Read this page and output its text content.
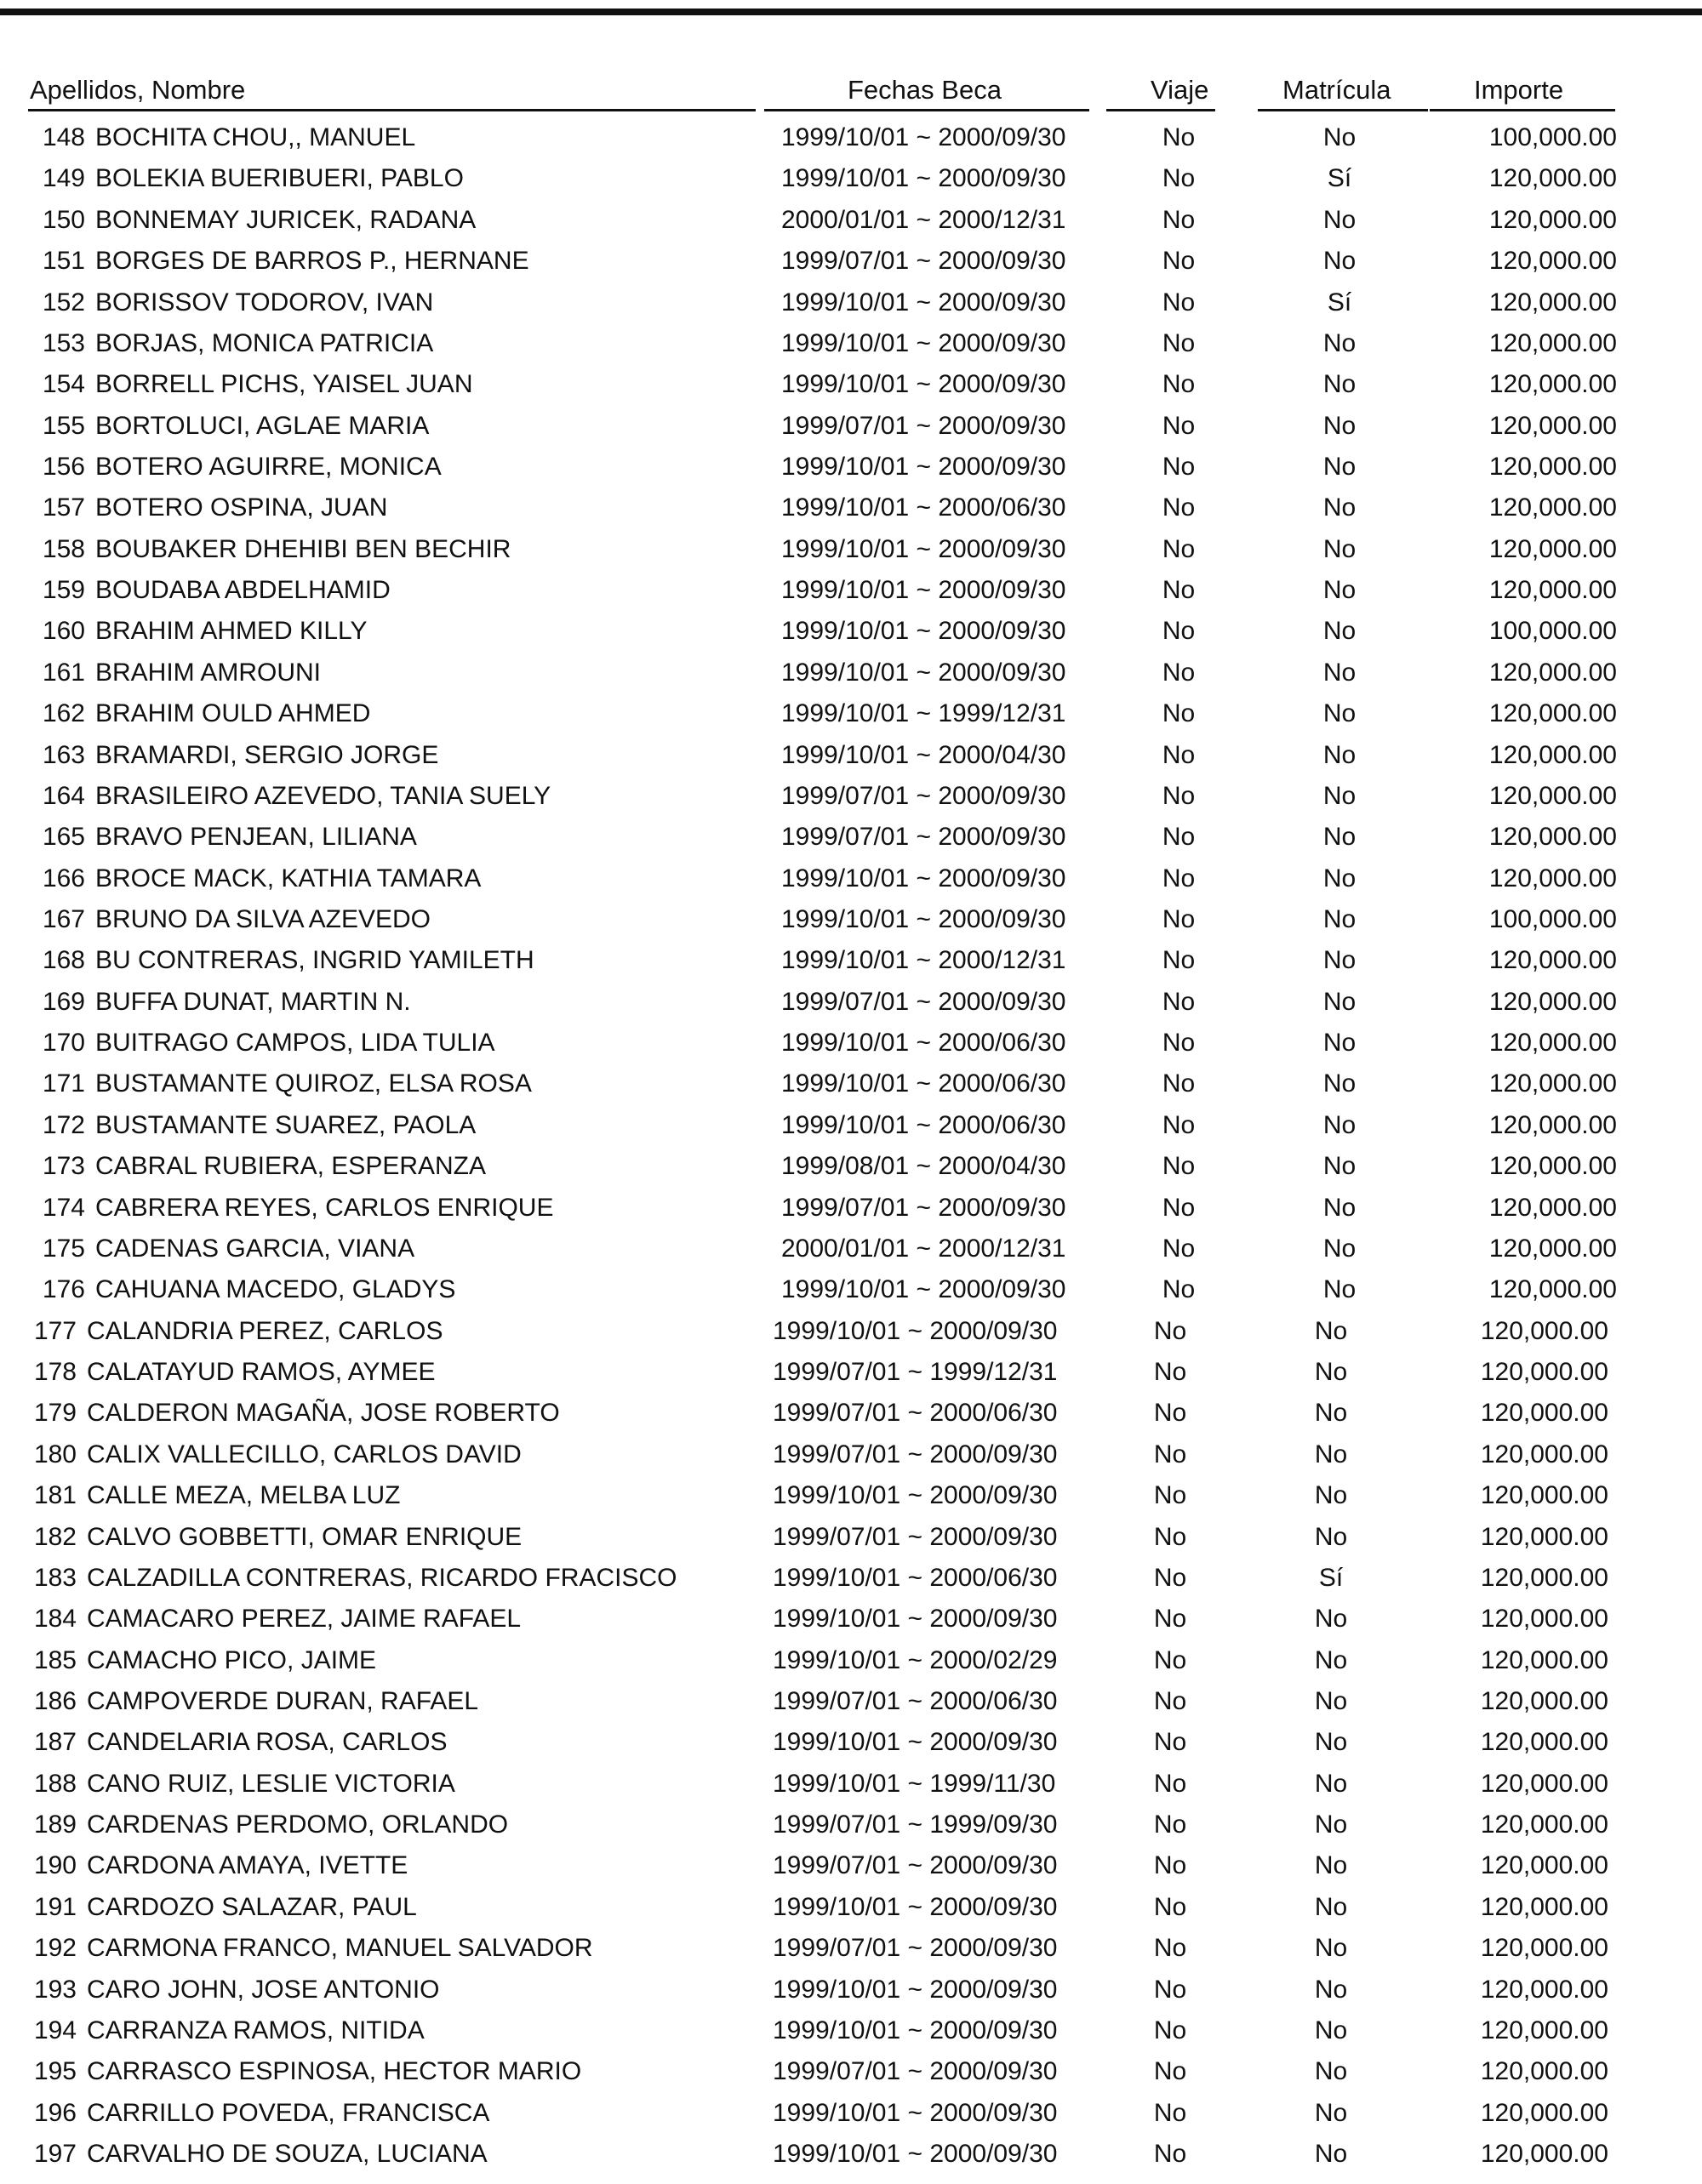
Apellidos, Nombre	Fechas Beca	Viaje	Matrícula	Importe
148 BOCHITA CHOU,, MANUEL	1999/10/01 ~ 2000/09/30	No	No	100,000.00
149 BOLEKIA BUERIBUERI, PABLO	1999/10/01 ~ 2000/09/30	No	Sí	120,000.00
150 BONNEMAY JURICEK, RADANA	2000/01/01 ~ 2000/12/31	No	No	120,000.00
151 BORGES DE BARROS P., HERNANE	1999/07/01 ~ 2000/09/30	No	No	120,000.00
152 BORISSOV TODOROV, IVAN	1999/10/01 ~ 2000/09/30	No	Sí	120,000.00
153 BORJAS, MONICA PATRICIA	1999/10/01 ~ 2000/09/30	No	No	120,000.00
154 BORRELL PICHS, YAISEL JUAN	1999/10/01 ~ 2000/09/30	No	No	120,000.00
155 BORTOLUCI, AGLAE MARIA	1999/07/01 ~ 2000/09/30	No	No	120,000.00
156 BOTERO AGUIRRE, MONICA	1999/10/01 ~ 2000/09/30	No	No	120,000.00
157 BOTERO OSPINA, JUAN	1999/10/01 ~ 2000/06/30	No	No	120,000.00
158 BOUBAKER DHEHIBI BEN BECHIR	1999/10/01 ~ 2000/09/30	No	No	120,000.00
159 BOUDABA ABDELHAMID	1999/10/01 ~ 2000/09/30	No	No	120,000.00
160 BRAHIM AHMED KILLY	1999/10/01 ~ 2000/09/30	No	No	100,000.00
161 BRAHIM AMROUNI	1999/10/01 ~ 2000/09/30	No	No	120,000.00
162 BRAHIM OULD AHMED	1999/10/01 ~ 1999/12/31	No	No	120,000.00
163 BRAMARDI, SERGIO JORGE	1999/10/01 ~ 2000/04/30	No	No	120,000.00
164 BRASILEIRO AZEVEDO, TANIA SUELY	1999/07/01 ~ 2000/09/30	No	No	120,000.00
165 BRAVO PENJEAN, LILIANA	1999/07/01 ~ 2000/09/30	No	No	120,000.00
166 BROCE MACK, KATHIA TAMARA	1999/10/01 ~ 2000/09/30	No	No	120,000.00
167 BRUNO DA SILVA AZEVEDO	1999/10/01 ~ 2000/09/30	No	No	100,000.00
168 BU CONTRERAS, INGRID YAMILETH	1999/10/01 ~ 2000/12/31	No	No	120,000.00
169 BUFFA DUNAT, MARTIN N.	1999/07/01 ~ 2000/09/30	No	No	120,000.00
170 BUITRAGO CAMPOS, LIDA TULIA	1999/10/01 ~ 2000/06/30	No	No	120,000.00
171 BUSTAMANTE QUIROZ, ELSA ROSA	1999/10/01 ~ 2000/06/30	No	No	120,000.00
172 BUSTAMANTE SUAREZ, PAOLA	1999/10/01 ~ 2000/06/30	No	No	120,000.00
173 CABRAL RUBIERA, ESPERANZA	1999/08/01 ~ 2000/04/30	No	No	120,000.00
174 CABRERA REYES, CARLOS ENRIQUE	1999/07/01 ~ 2000/09/30	No	No	120,000.00
175 CADENAS GARCIA, VIANA	2000/01/01 ~ 2000/12/31	No	No	120,000.00
176 CAHUANA MACEDO, GLADYS	1999/10/01 ~ 2000/09/30	No	No	120,000.00
177 CALANDRIA PEREZ, CARLOS	1999/10/01 ~ 2000/09/30	No	No	120,000.00
178 CALATAYUD RAMOS, AYMEE	1999/07/01 ~ 1999/12/31	No	No	120,000.00
179 CALDERON MAGAÑA, JOSE ROBERTO	1999/07/01 ~ 2000/06/30	No	No	120,000.00
180 CALIX VALLECILLO, CARLOS DAVID	1999/07/01 ~ 2000/09/30	No	No	120,000.00
181 CALLE MEZA, MELBA LUZ	1999/10/01 ~ 2000/09/30	No	No	120,000.00
182 CALVO GOBBETTI, OMAR ENRIQUE	1999/07/01 ~ 2000/09/30	No	No	120,000.00
183 CALZADILLA CONTRERAS, RICARDO FRACISCO	1999/10/01 ~ 2000/06/30	No	Sí	120,000.00
184 CAMACARO PEREZ, JAIME RAFAEL	1999/10/01 ~ 2000/09/30	No	No	120,000.00
185 CAMACHO PICO, JAIME	1999/10/01 ~ 2000/02/29	No	No	120,000.00
186 CAMPOVERDE DURAN, RAFAEL	1999/07/01 ~ 2000/06/30	No	No	120,000.00
187 CANDELARIA ROSA, CARLOS	1999/10/01 ~ 2000/09/30	No	No	120,000.00
188 CANO RUIZ, LESLIE VICTORIA	1999/10/01 ~ 1999/11/30	No	No	120,000.00
189 CARDENAS PERDOMO, ORLANDO	1999/07/01 ~ 1999/09/30	No	No	120,000.00
190 CARDONA AMAYA, IVETTE	1999/07/01 ~ 2000/09/30	No	No	120,000.00
191 CARDOZO SALAZAR, PAUL	1999/10/01 ~ 2000/09/30	No	No	120,000.00
192 CARMONA FRANCO, MANUEL SALVADOR	1999/07/01 ~ 2000/09/30	No	No	120,000.00
193 CARO JOHN, JOSE ANTONIO	1999/10/01 ~ 2000/09/30	No	No	120,000.00
194 CARRANZA RAMOS, NITIDA	1999/10/01 ~ 2000/09/30	No	No	120,000.00
195 CARRASCO ESPINOSA, HECTOR MARIO	1999/07/01 ~ 2000/09/30	No	No	120,000.00
196 CARRILLO POVEDA, FRANCISCA	1999/10/01 ~ 2000/09/30	No	No	120,000.00
197 CARVALHO DE SOUZA, LUCIANA	1999/10/01 ~ 2000/09/30	No	No	120,000.00
